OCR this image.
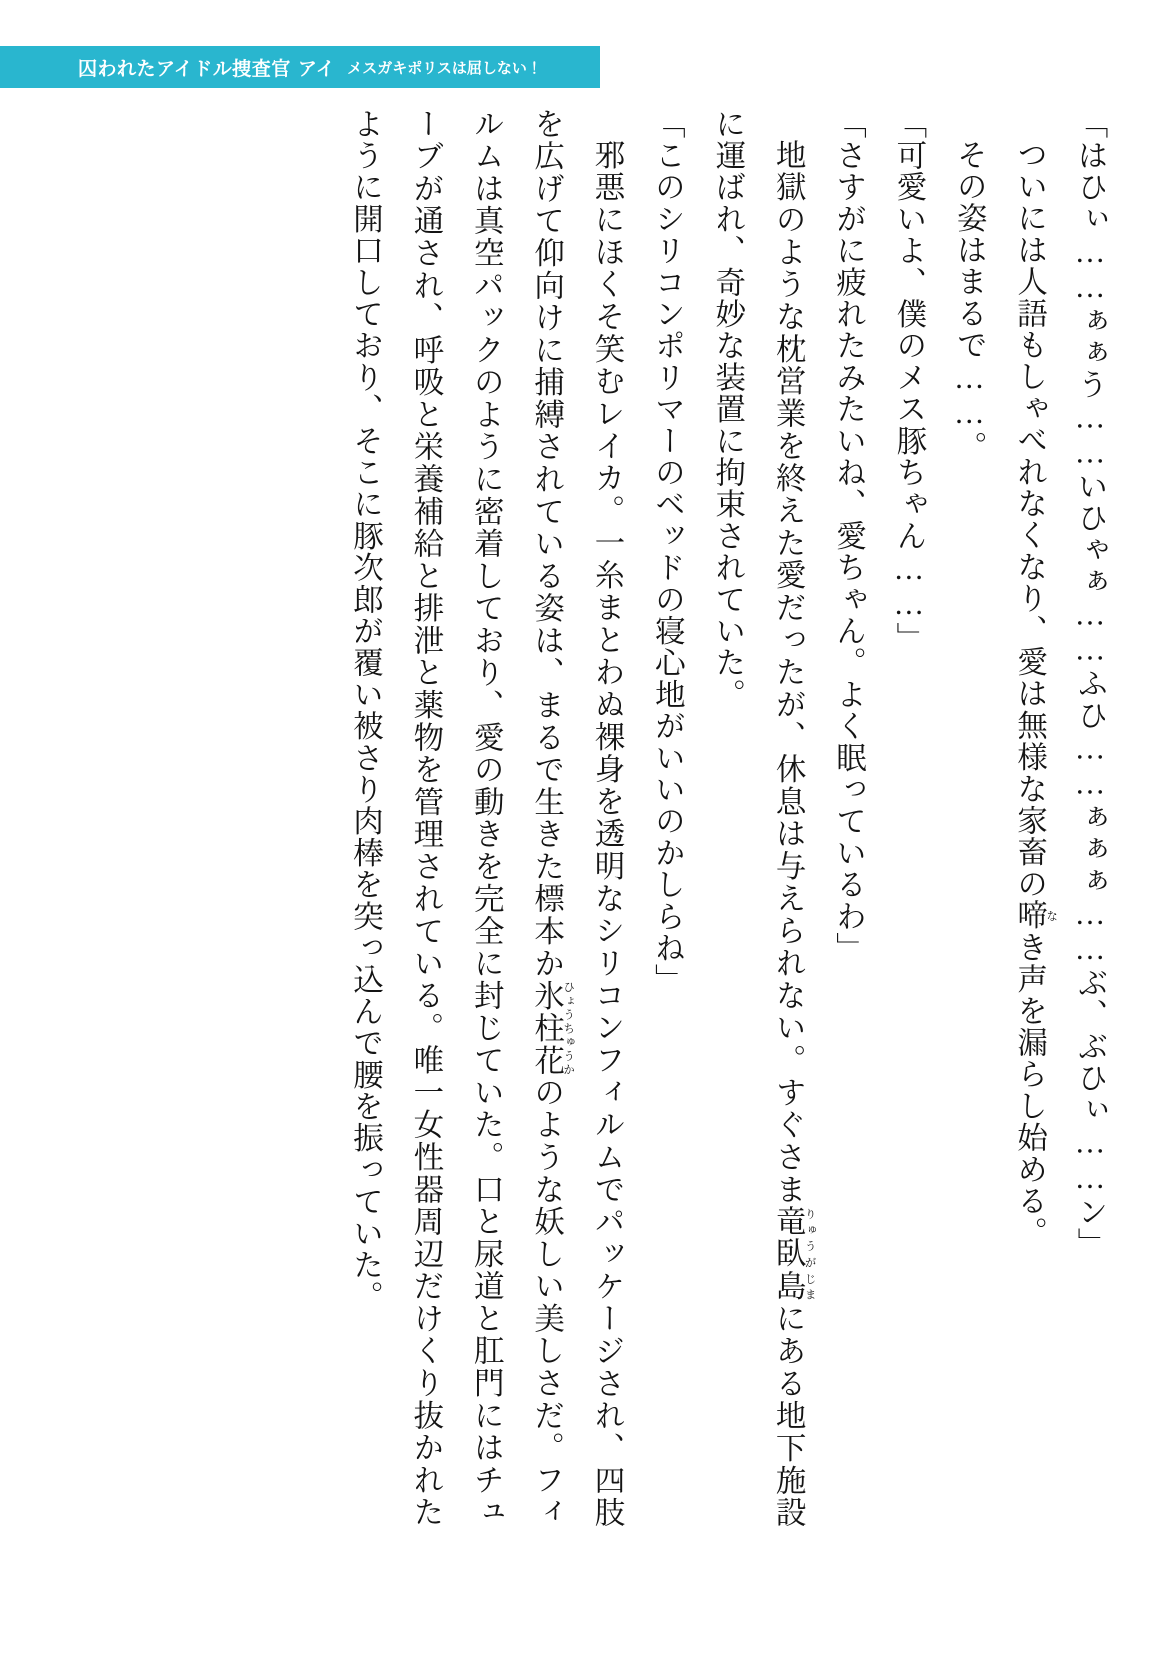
囚われたアイドル捜査官 アイ メスガキポリスは屈しない！

「はひぃ……ぁぁう……いひゃぁ……ふひ……ぁぁぁ……ぶ、ぶひぃ……ン」

ついには人語もしゃべれなくなり、愛は無様な家畜の啼なき声を漏らし始める。

その姿はまるで……。

「可愛いよ、僕のメス豚ちゃん……」

「さすがに疲れたみたいね、愛ちゃん。よく眠っているわ」

地獄のような枕営業を終えた愛だったが、休息は与えられない。すぐさま竜臥りゅうが島じまにある地下施設に運ばれ、奇妙な装置に拘束されていた。

「このシリコンポリマーのベッドの寝心地がいいのかしらね」

邪悪にほくそ笑むレイカ。一糸まとわぬ裸身を透明なシリコンフィルムでパッケージされ、四肢を広げて仰向けに捕縛されている姿は、まるで生きた標本か氷柱花ひょうちゅうかのような妖しい美しさだ。フィルムは真空パックのように密着しており、愛の動きを完全に封じていた。口と尿道と肛門にはチューブが通され、呼吸と栄養補給と排泄と薬物を管理されている。唯一女性器周辺だけくり抜かれたように開口しており、そこに豚次郎が覆い被さり肉棒を突っ込んで腰を振っていた。
